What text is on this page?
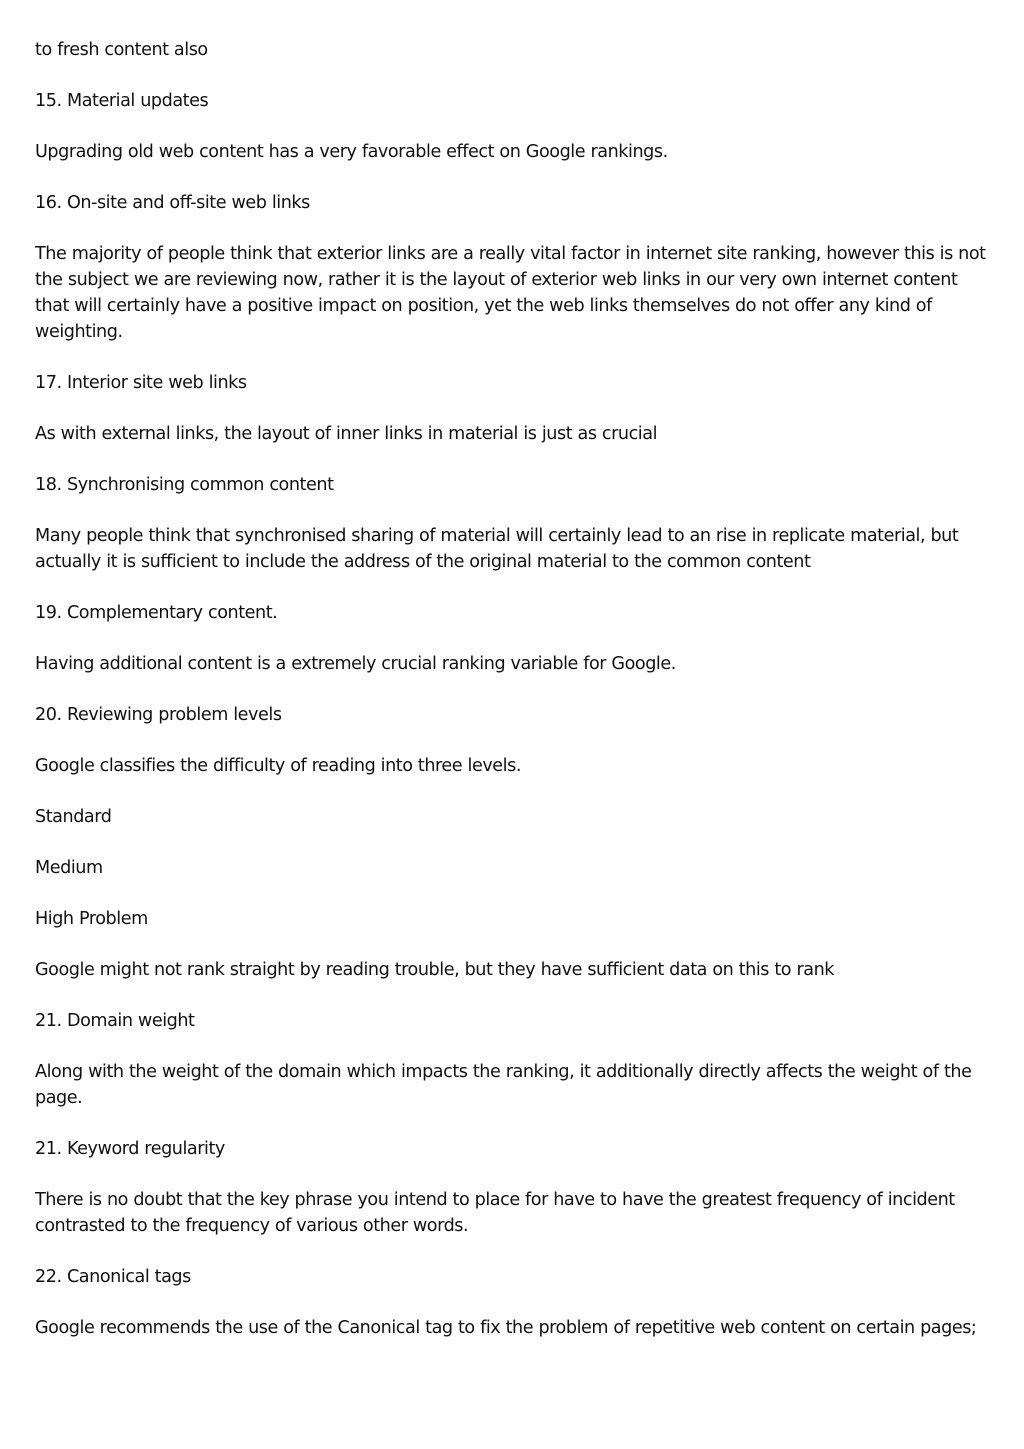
to fresh content also

15. Material updates

Upgrading old web content has a very favorable effect on Google rankings.

16. On-site and off-site web links

The majority of people think that exterior links are a really vital factor in internet site ranking, however this is not the subject we are reviewing now, rather it is the layout of exterior web links in our very own internet content that will certainly have a positive impact on position, yet the web links themselves do not offer any kind of weighting.

17. Interior site web links

As with external links, the layout of inner links in material is just as crucial

18. Synchronising common content

Many people think that synchronised sharing of material will certainly lead to an rise in replicate material, but actually it is sufficient to include the address of the original material to the common content

19. Complementary content.

Having additional content is a extremely crucial ranking variable for Google.

20. Reviewing problem levels

Google classifies the difficulty of reading into three levels.

Standard

Medium

High Problem

Google might not rank straight by reading trouble, but they have sufficient data on this to rank

21. Domain weight

Along with the weight of the domain which impacts the ranking, it additionally directly affects the weight of the page.

21. Keyword regularity

There is no doubt that the key phrase you intend to place for have to have the greatest frequency of incident contrasted to the frequency of various other words.

22. Canonical tags

Google recommends the use of the Canonical tag to fix the problem of repetitive web content on certain pages;
